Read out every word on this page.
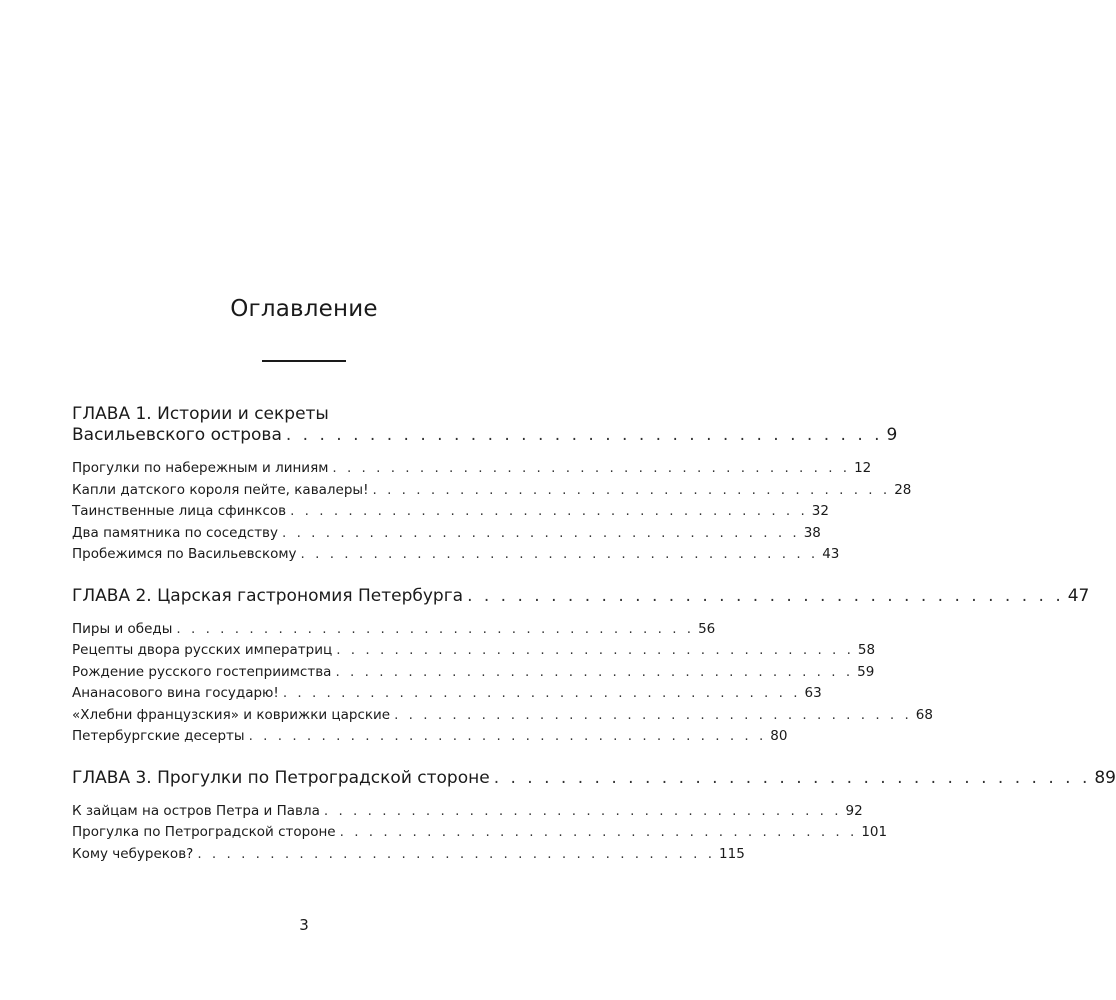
Оглавление
ГЛАВА 1. Истории и секреты
Васильевского острова . . . . . . . . . . . . . . . . . . . . . . . . . . . . . . . . . . . . 9
Прогулки по набережным и линиям . . . . . . . . . . . . . . . . . . . . . . . . . . . . . . . . . . . . 12
Капли датского короля пейте, кавалеры! . . . . . . . . . . . . . . . . . . . . . . . . . . . . . . . . . . . . 28
Таинственные лица сфинксов . . . . . . . . . . . . . . . . . . . . . . . . . . . . . . . . . . . . 32
Два памятника по соседству . . . . . . . . . . . . . . . . . . . . . . . . . . . . . . . . . . . . 38
Пробежимся по Васильевскому . . . . . . . . . . . . . . . . . . . . . . . . . . . . . . . . . . . . 43
ГЛАВА 2. Царская гастрономия Петербурга . . . . . . . . . . . . . . . . . . . . . . . . . . . . . . . . . . . . 47
Пиры и обеды . . . . . . . . . . . . . . . . . . . . . . . . . . . . . . . . . . . . 56
Рецепты двора русских императриц . . . . . . . . . . . . . . . . . . . . . . . . . . . . . . . . . . . . 58
Рождение русского гостеприимства . . . . . . . . . . . . . . . . . . . . . . . . . . . . . . . . . . . . 59
Ананасового вина государю! . . . . . . . . . . . . . . . . . . . . . . . . . . . . . . . . . . . . 63
«Хлебни французския» и коврижки царские . . . . . . . . . . . . . . . . . . . . . . . . . . . . . . . . . . . . 68
Петербургские десерты . . . . . . . . . . . . . . . . . . . . . . . . . . . . . . . . . . . . 80
ГЛАВА 3. Прогулки по Петроградской стороне . . . . . . . . . . . . . . . . . . . . . . . . . . . . . . . . . . . . 89
К зайцам на остров Петра и Павла . . . . . . . . . . . . . . . . . . . . . . . . . . . . . . . . . . . . 92
Прогулка по Петроградской стороне . . . . . . . . . . . . . . . . . . . . . . . . . . . . . . . . . . . . 101
Кому чебуреков? . . . . . . . . . . . . . . . . . . . . . . . . . . . . . . . . . . . . 115
3
